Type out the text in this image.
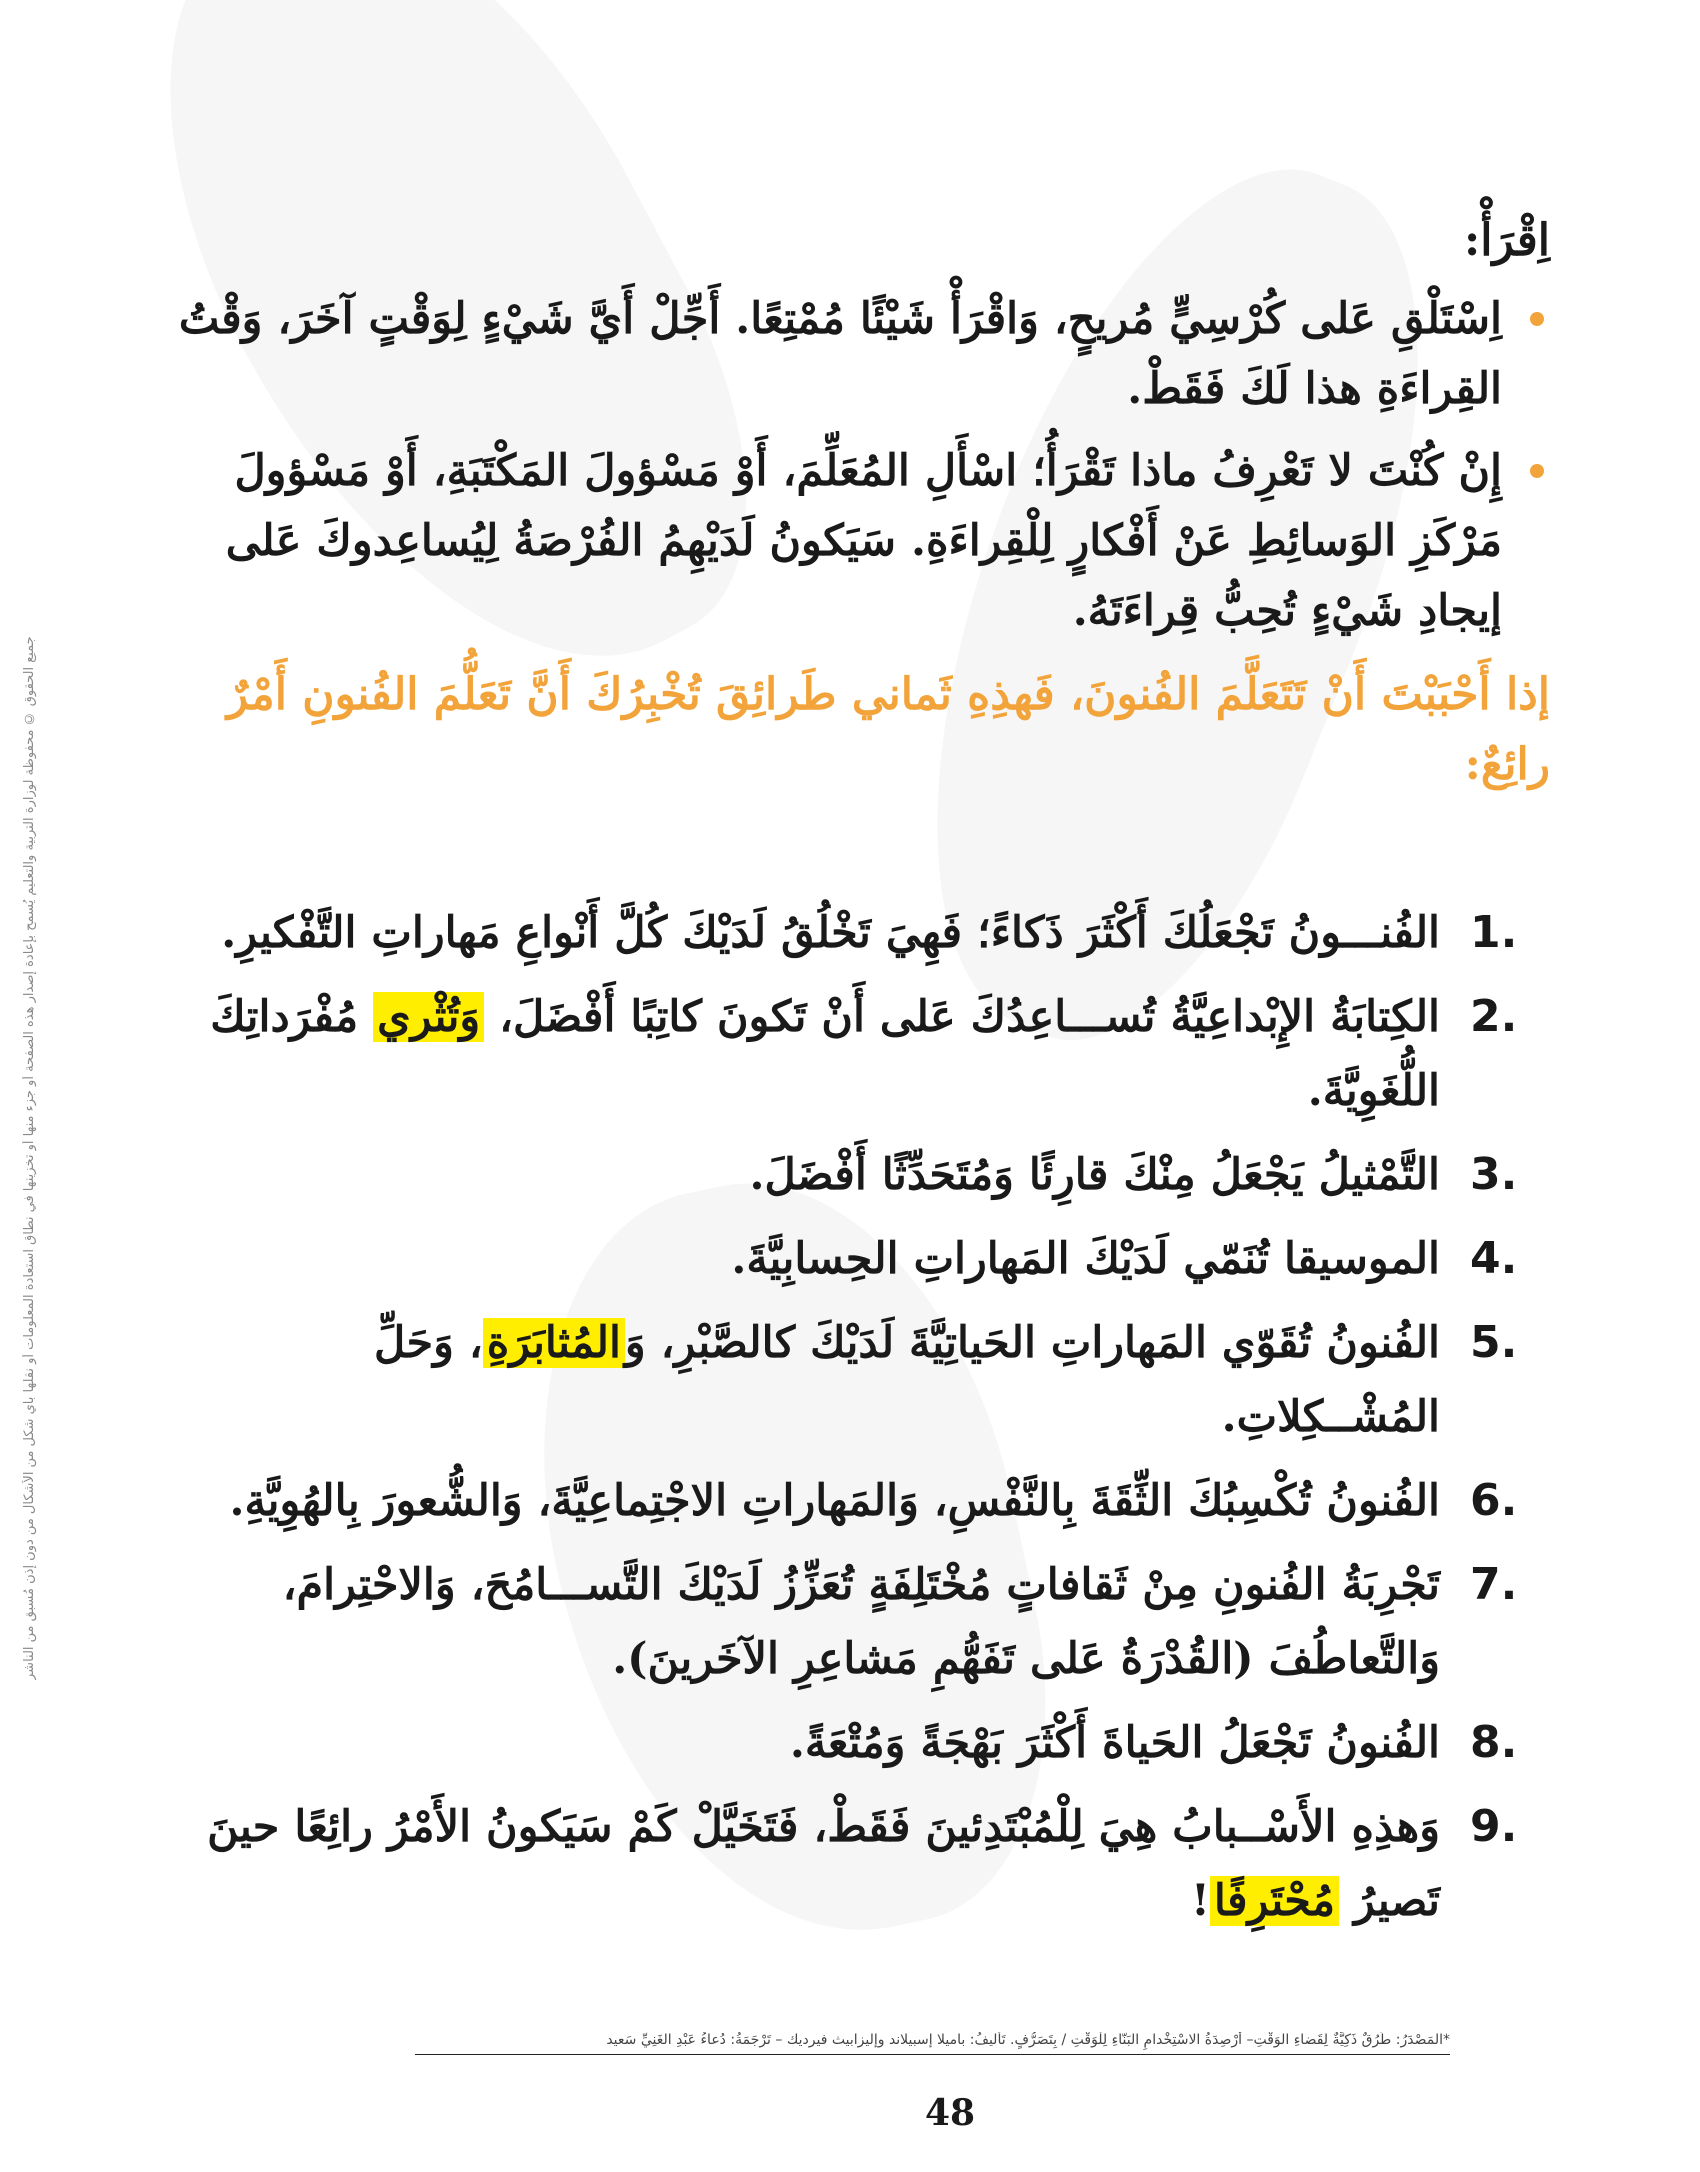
جميع الحقوق © محفوظة لوزارة التربية والتعليم يُسمح بإعادة إصدار هذه الصفحة أو جزء منها أو تخزينها في نطاق استعادة المعلومات أو نقلها بأي شكل من الأشكال من دون إذن مُسبق من الناشر
اِقْرَأْ:
اِسْتَلْقِ عَلى كُرْسِيٍّ مُريحٍ، وَاقْرَأْ شَيْئًا مُمْتِعًا. أَجِّلْ أَيَّ شَيْءٍ لِوَقْتٍ آخَرَ، وَقْتُ القِراءَةِ هذا لَكَ فَقَطْ.
إِنْ كُنْتَ لا تَعْرِفُ ماذا تَقْرَأُ؛ اسْأَلِ المُعَلِّمَ، أَوْ مَسْؤولَ المَكْتَبَةِ، أَوْ مَسْؤولَ مَرْكَزِ الوَسائِطِ عَنْ أَفْكارٍ لِلْقِراءَةِ. سَيَكونُ لَدَيْهِمُ الفُرْصَةُ لِيُساعِدوكَ عَلى إيجادِ شَيْءٍ تُحِبُّ قِراءَتَهُ.

إذا أَحْبَبْتَ أَنْ تَتَعَلَّمَ الفُنونَ، فَهذِهِ ثَماني طَرائِقَ تُخْبِرُكَ أَنَّ تَعَلُّمَ الفُنونِ أَمْرٌ رائِعٌ:

1.
الفُنـــونُ تَجْعَلُكَ أَكْثَرَ ذَكاءً؛ فَهِيَ تَخْلُقُ لَدَيْكَ كُلَّ أَنْواعِ مَهاراتِ التَّفْكيرِ.
2.
الكِتابَةُ الإِبْداعِيَّةُ تُســـاعِدُكَ عَلى أَنْ تَكونَ كاتِبًا أَفْضَلَ، وَتُثْري مُفْرَداتِكَ اللُّغَوِيَّةَ.
3.
التَّمْثيلُ يَجْعَلُ مِنْكَ قارِئًا وَمُتَحَدِّثًا أَفْضَلَ.
4.
الموسيقا تُنَمّي لَدَيْكَ المَهاراتِ الحِسابِيَّةَ.
5.
الفُنونُ تُقَوّي المَهاراتِ الحَياتِيَّةَ لَدَيْكَ كالصَّبْرِ، وَالمُثابَرَةِ، وَحَلِّ المُشْــكِلاتِ.
6.
الفُنونُ تُكْسِبُكَ الثِّقَةَ بِالنَّفْسِ، وَالمَهاراتِ الاجْتِماعِيَّةَ، وَالشُّعورَ بِالهُوِيَّةِ.
7.
تَجْرِبَةُ الفُنونِ مِنْ ثَقافاتٍ مُخْتَلِفَةٍ تُعَزِّزُ لَدَيْكَ التَّســـامُحَ، وَالاحْتِرامَ، وَالتَّعاطُفَ (القُدْرَةُ عَلى تَفَهُّمِ مَشاعِرِ الآخَرينَ).
8.
الفُنونُ تَجْعَلُ الحَياةَ أَكْثَرَ بَهْجَةً وَمُتْعَةً.
9.
وَهذِهِ الأَسْــبابُ هِيَ لِلْمُبْتَدِئينَ فَقَطْ، فَتَخَيَّلْ كَمْ سَيَكونُ الأَمْرُ رائِعًا حينَ تَصيرُ مُحْتَرِفًا!
*المَصْدَرُ: طُرُقٌ ذَكِيَّةٌ لِقَضاءِ الوَقْتِ– أَرْصِدَةُ الاسْتِخْدامِ البَنّاءِ لِلْوَقْتِ / بِتَصَرُّفٍ. تَأْليفُ: باميلا إسبيلاند وإليزابيث فيرديك – تَرْجَمَةُ: دُعاءُ عَبْدِ الغَنِيِّ سَعيد
48
